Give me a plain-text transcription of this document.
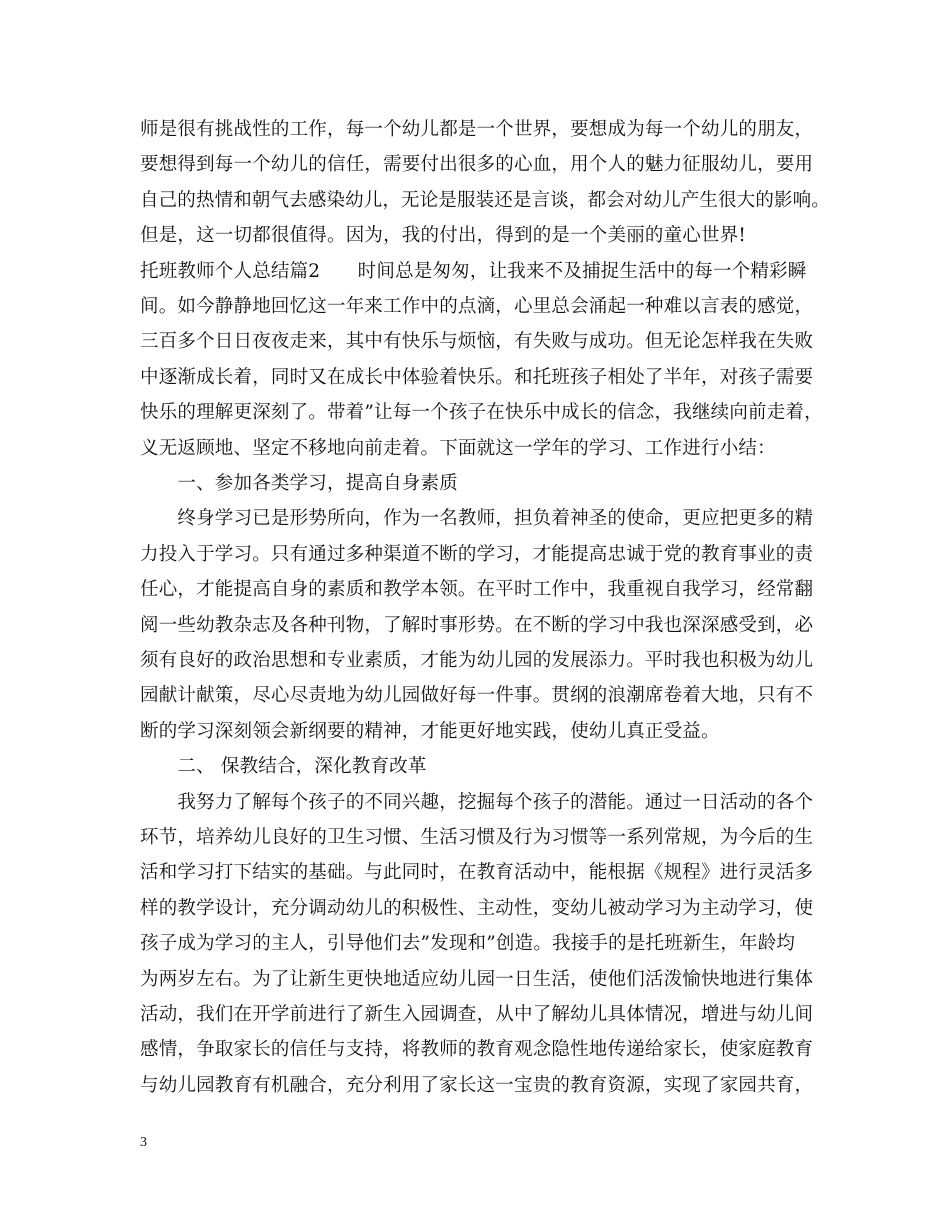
师是很有挑战性的工作，每一个幼儿都是一个世界，要想成为每一个幼儿的朋友，
要想得到每一个幼儿的信任，需要付出很多的心血，用个人的魅力征服幼儿，要用
自己的热情和朝气去感染幼儿，无论是服装还是言谈，都会对幼儿产生很大的影响。
但是，这一切都很值得。因为，我的付出，得到的是一个美丽的童心世界!
托班教师个人总结篇2　　时间总是匆匆，让我来不及捕捉生活中的每一个精彩瞬
间。如今静静地回忆这一年来工作中的点滴，心里总会涌起一种难以言表的感觉，
三百多个日日夜夜走来，其中有快乐与烦恼，有失败与成功。但无论怎样我在失败
中逐渐成长着，同时又在成长中体验着快乐。和托班孩子相处了半年，对孩子需要
快乐的理解更深刻了。带着”让每一个孩子在快乐中成长的信念，我继续向前走着，
义无返顾地、坚定不移地向前走着。下面就这一学年的学习、工作进行小结：
　　一、参加各类学习，提高自身素质
　　终身学习已是形势所向，作为一名教师，担负着神圣的使命，更应把更多的精
力投入于学习。只有通过多种渠道不断的学习，才能提高忠诚于党的教育事业的责
任心，才能提高自身的素质和教学本领。在平时工作中，我重视自我学习，经常翻
阅一些幼教杂志及各种刊物，了解时事形势。在不断的学习中我也深深感受到，必
须有良好的政治思想和专业素质，才能为幼儿园的发展添力。平时我也积极为幼儿
园献计献策，尽心尽责地为幼儿园做好每一件事。贯纲的浪潮席卷着大地，只有不
断的学习深刻领会新纲要的精神，才能更好地实践，使幼儿真正受益。
　　二、 保教结合，深化教育改革
　　我努力了解每个孩子的不同兴趣，挖掘每个孩子的潜能。通过一日活动的各个
环节，培养幼儿良好的卫生习惯、生活习惯及行为习惯等一系列常规，为今后的生
活和学习打下结实的基础。与此同时，在教育活动中，能根据《规程》进行灵活多
样的教学设计，充分调动幼儿的积极性、主动性，变幼儿被动学习为主动学习，使
孩子成为学习的主人，引导他们去”发现和”创造。我接手的是托班新生，年龄均
为两岁左右。为了让新生更快地适应幼儿园一日生活，使他们活泼愉快地进行集体
活动，我们在开学前进行了新生入园调查，从中了解幼儿具体情况，增进与幼儿间
感情，争取家长的信任与支持，将教师的教育观念隐性地传递给家长，使家庭教育
与幼儿园教育有机融合，充分利用了家长这一宝贵的教育资源，实现了家园共育，
3
